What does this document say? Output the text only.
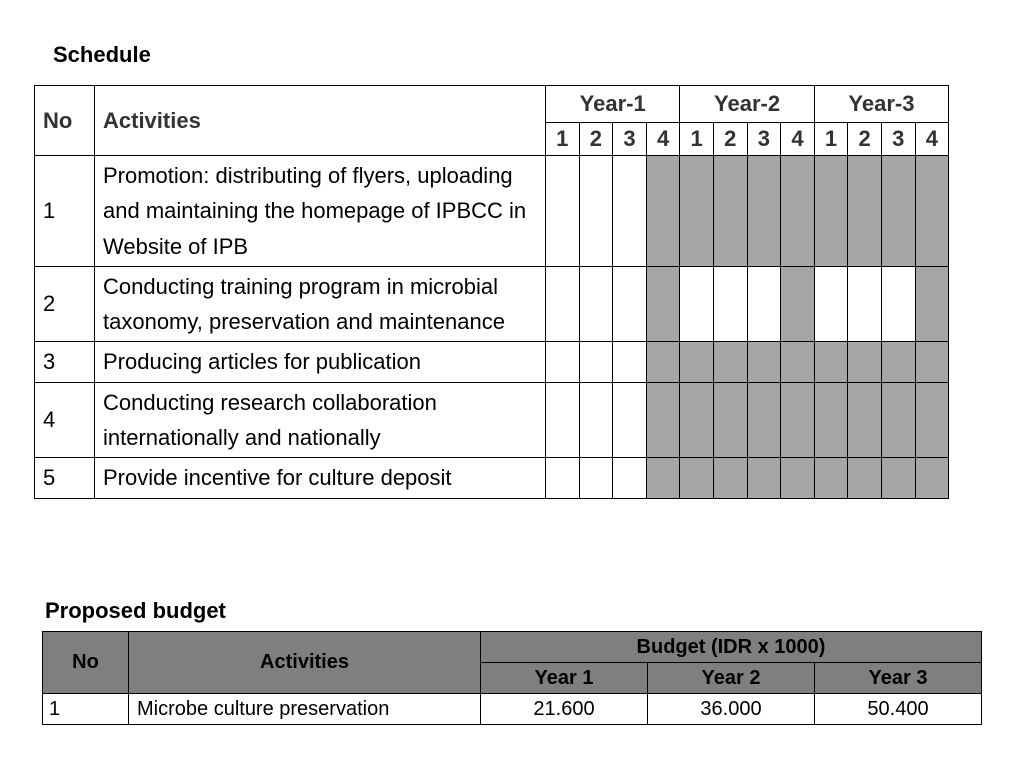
Schedule
No	Activities	Year-1				Year-2				Year-3			
		1	2	3	4	1	2	3	4	1	2	3	4
1	Promotion: distributing of flyers, uploading and maintaining the homepage of IPBCC in Website of IPB												
2	Conducting training program in microbial taxonomy, preservation and maintenance												
3	Producing articles for publication												
4	Conducting research collaboration internationally and nationally												
5	Provide incentive for culture deposit												
Proposed budget
No	Activities	Budget (IDR x 1000)		
		Year 1	Year 2	Year 3
1	Microbe culture preservation	21.600	36.000	50.400
